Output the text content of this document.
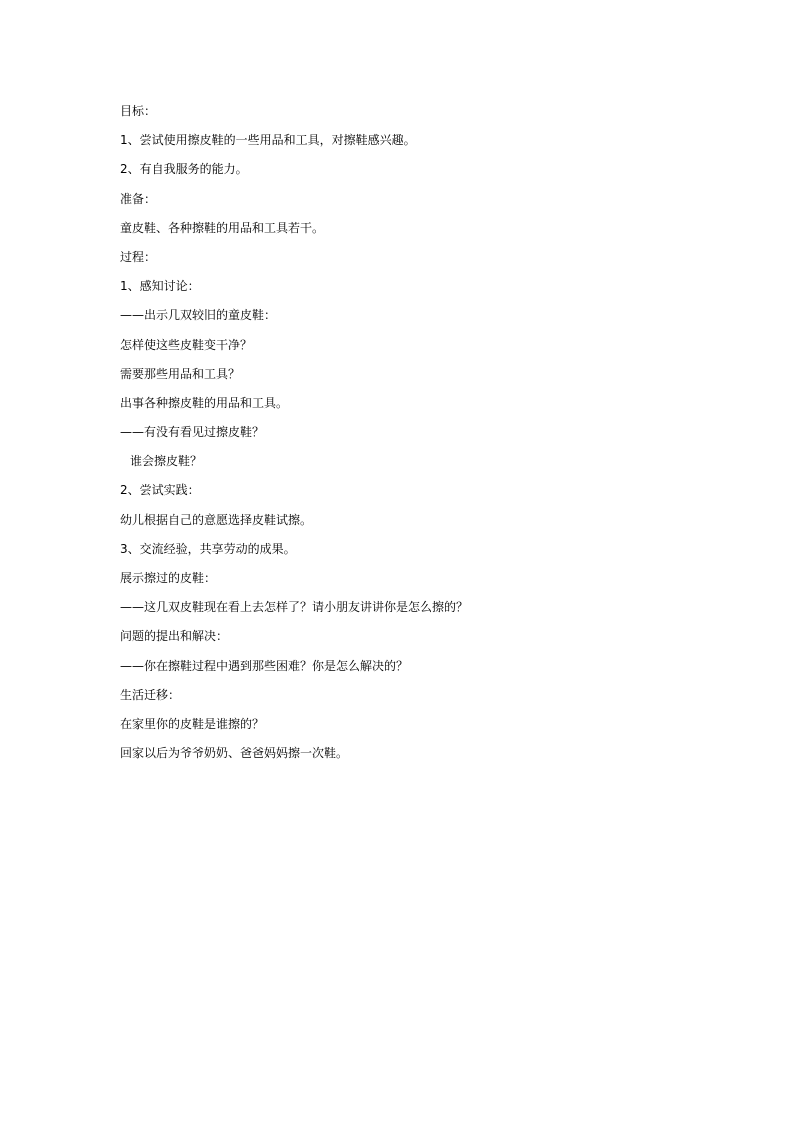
目标：
1、尝试使用擦皮鞋的一些用品和工具，对擦鞋感兴趣。
2、有自我服务的能力。
准备：
童皮鞋、各种擦鞋的用品和工具若干。
过程：
1、感知讨论：
——出示几双较旧的童皮鞋：
怎样使这些皮鞋变干净？
需要那些用品和工具？
出事各种擦皮鞋的用品和工具。
——有没有看见过擦皮鞋？
谁会擦皮鞋？
2、尝试实践：
幼儿根据自己的意愿选择皮鞋试擦。
3、交流经验，共享劳动的成果。
展示擦过的皮鞋：
——这几双皮鞋现在看上去怎样了？请小朋友讲讲你是怎么擦的？
问题的提出和解决：
——你在擦鞋过程中遇到那些困难？你是怎么解决的？
生活迁移：
在家里你的皮鞋是谁擦的？
回家以后为爷爷奶奶、爸爸妈妈擦一次鞋。
